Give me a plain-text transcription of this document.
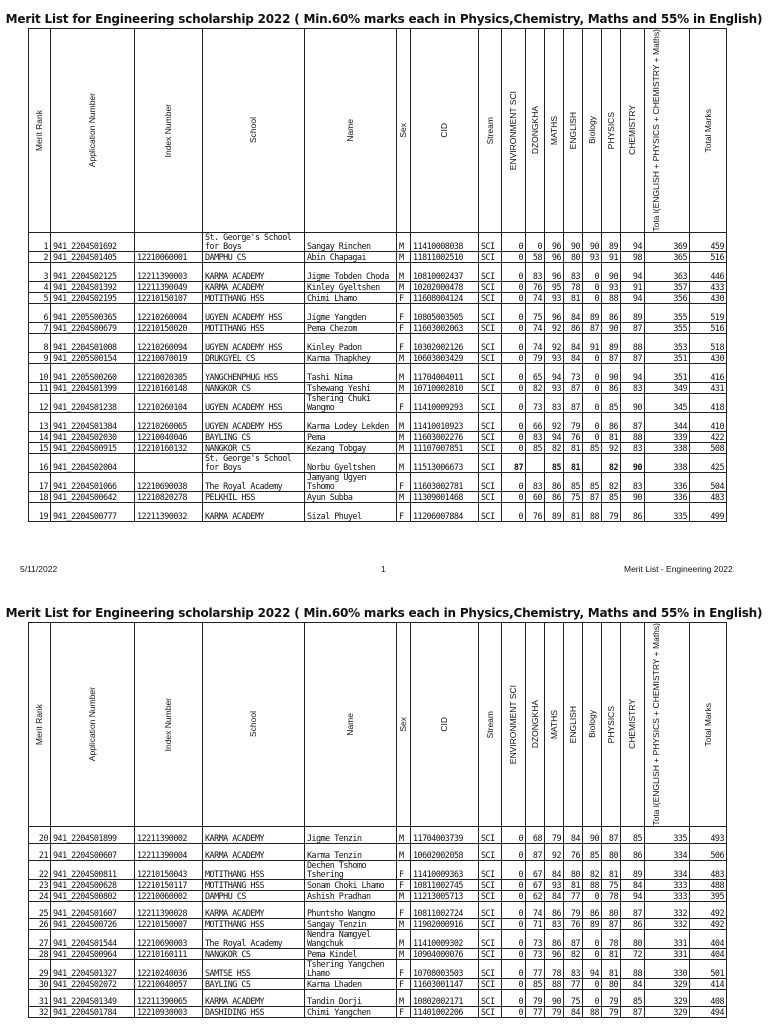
Merit List for Engineering scholarship 2022 ( Min.60% marks each in Physics,Chemistry, Maths and 55% in English)
Merit Rank	Application Number	Index Number	School	Name	Sex	CID	Stream	ENVIRONMENT SCI	DZONGKHA	MATHS	ENGLISH	Biology	PHYSICS	CHEMISTRY	Tota l(ENGLISH + PHYSICS + CHEMISTRY + Maths)	Total Marks

1	941_2204S01692		St. George's School for Boys	Sangay Rinchen	M	11410008038	SCI	0	0	96	90	90	89	94	369	459
2	941_2204S01405	12210060001	DAMPHU CS	Abin Chapagai	M	11811002510	SCI	0	58	96	80	93	91	98	365	516
3	941_2204S02125	12211390003	KARMA ACADEMY	Jigme Tobden Choda	M	10810002437	SCI	0	83	96	83	0	90	94	363	446
4	941_2204S01392	12211390049	KARMA ACADEMY	Kinley Gyeltshen	M	10202000478	SCI	0	76	95	78	0	93	91	357	433
5	941_2204S02195	12210150107	MOTITHANG HSS	Chimi Lhamo	F	11608004124	SCI	0	74	93	81	0	88	94	356	430
6	941_2205S00365	12210260004	UGYEN ACADEMY HSS	Jigme Yangden	F	10805003505	SCI	0	75	96	84	89	86	89	355	519
7	941_2204S00679	12210150020	MOTITHANG HSS	Pema Chezom	F	11603002063	SCI	0	74	92	86	87	90	87	355	516
8	941_2204S01008	12210260094	UGYEN ACADEMY HSS	Kinley Padon	F	10302002126	SCI	0	74	92	84	91	89	88	353	518
9	941_2205S00154	12210070019	DRUKGYEL CS	Karma Thapkhey	M	10603003429	SCI	0	79	93	84	0	87	87	351	430
10	941_2205S00260	12210020305	YANGCHENPHUG HSS	Tashi Nima	M	11704004011	SCI	0	65	94	73	0	90	94	351	416
11	941_2204S01399	12210160148	NANGKOR CS	Tshewang Yeshi	M	10710002810	SCI	0	82	93	87	0	86	83	349	431
12	941_2204S01238	12210260104	UGYEN ACADEMY HSS	Tshering Chuki Wangmo	F	11410009293	SCI	0	73	83	87	0	85	90	345	418
13	941_2204S01384	12210260065	UGYEN ACADEMY HSS	Karma Lodey Lekden	M	11410010923	SCI	0	66	92	79	0	86	87	344	410
14	941_2204S02030	12210040046	BAYLING CS	Pema	M	11603002276	SCI	0	83	94	76	0	81	88	339	422
15	941_2204S00915	12210160132	NANGKOR CS	Kezang Tobgay	M	11107007851	SCI	0	85	82	81	85	92	83	338	508
16	941_2204S02004		St. George's School for Boys	Norbu Gyeltshen	M	11513006673	SCI	87		85	81		82	90	338	425
17	941_2204S01066	12210690038	The Royal Academy	Jamyang Ugyen Tshomo	F	11603002781	SCI	0	83	86	85	85	82	83	336	504
18	941_2204S00642	12210820278	PELKHIL HSS	Ayun Subba	M	11309001468	SCI	0	60	86	75	87	85	90	336	483
19	941_2204S00777	12211390032	KARMA ACADEMY	Sizal Phuyel	F	11206007884	SCI	0	76	89	81	88	79	86	335	499
5/11/2022	1	Merit List - Engineering 2022
Merit List for Engineering scholarship 2022 ( Min.60% marks each in Physics,Chemistry, Maths and 55% in English)
Merit Rank	Application Number	Index Number	School	Name	Sex	CID	Stream	ENVIRONMENT SCI	DZONGKHA	MATHS	ENGLISH	Biology	PHYSICS	CHEMISTRY	Tota l(ENGLISH + PHYSICS + CHEMISTRY + Maths)	Total Marks

20	941_2204S01899	12211390002	KARMA ACADEMY	Jigme Tenzin	M	11704003739	SCI	0	68	79	84	90	87	85	335	493
21	941_2204S00607	12211390004	KARMA ACADEMY	Karma Tenzin	M	10602002058	SCI	0	87	92	76	85	80	86	334	506
22	941_2204S00811	12210150043	MOTITHANG HSS	Dechen Tshomo Tshering	F	11410009363	SCI	0	67	84	80	82	81	89	334	483
23	941_2204S00628	12210150117	MOTITHANG HSS	Sonam Choki Lhamo	F	10811002745	SCI	0	67	93	81	88	75	84	333	488
24	941_2204S00802	12210060002	DAMPHU CS	Ashish Pradhan	M	11213005713	SCI	0	62	84	77	0	78	94	333	395
25	941_2204S01607	12211390028	KARMA ACADEMY	Phuntsho Wangmo	F	10811002724	SCI	0	74	86	79	86	80	87	332	492
26	941_2204S00726	12210150007	MOTITHANG HSS	Sangay Tenzin	M	11902000916	SCI	0	71	83	76	89	87	86	332	492
27	941_2204S01544	12210690003	The Royal Academy	Nendra Namgyel Wangchuk	M	11410009302	SCI	0	73	86	87	0	78	80	331	404
28	941_2204S00964	12210160111	NANGKOR CS	Pema Kindel	M	10904000076	SCI	0	73	96	82	0	81	72	331	404
29	941_2204S01327	12210240036	SAMTSE HSS	Tshering Yangchen Lhamo	F	10708003503	SCI	0	77	78	83	94	81	88	330	501
30	941_2204S02072	12210040057	BAYLING CS	Karma Lhaden	F	11603001147	SCI	0	85	88	77	0	80	84	329	414
31	941_2204S01349	12211390065	KARMA ACADEMY	Tandin Dorji	M	10802002171	SCI	0	79	90	75	0	79	85	329	408
32	941_2204S01784	12210930003	DASHIDING HSS	Chimi Yangchen	F	11401002206	SCI	0	77	79	84	88	79	87	329	494
